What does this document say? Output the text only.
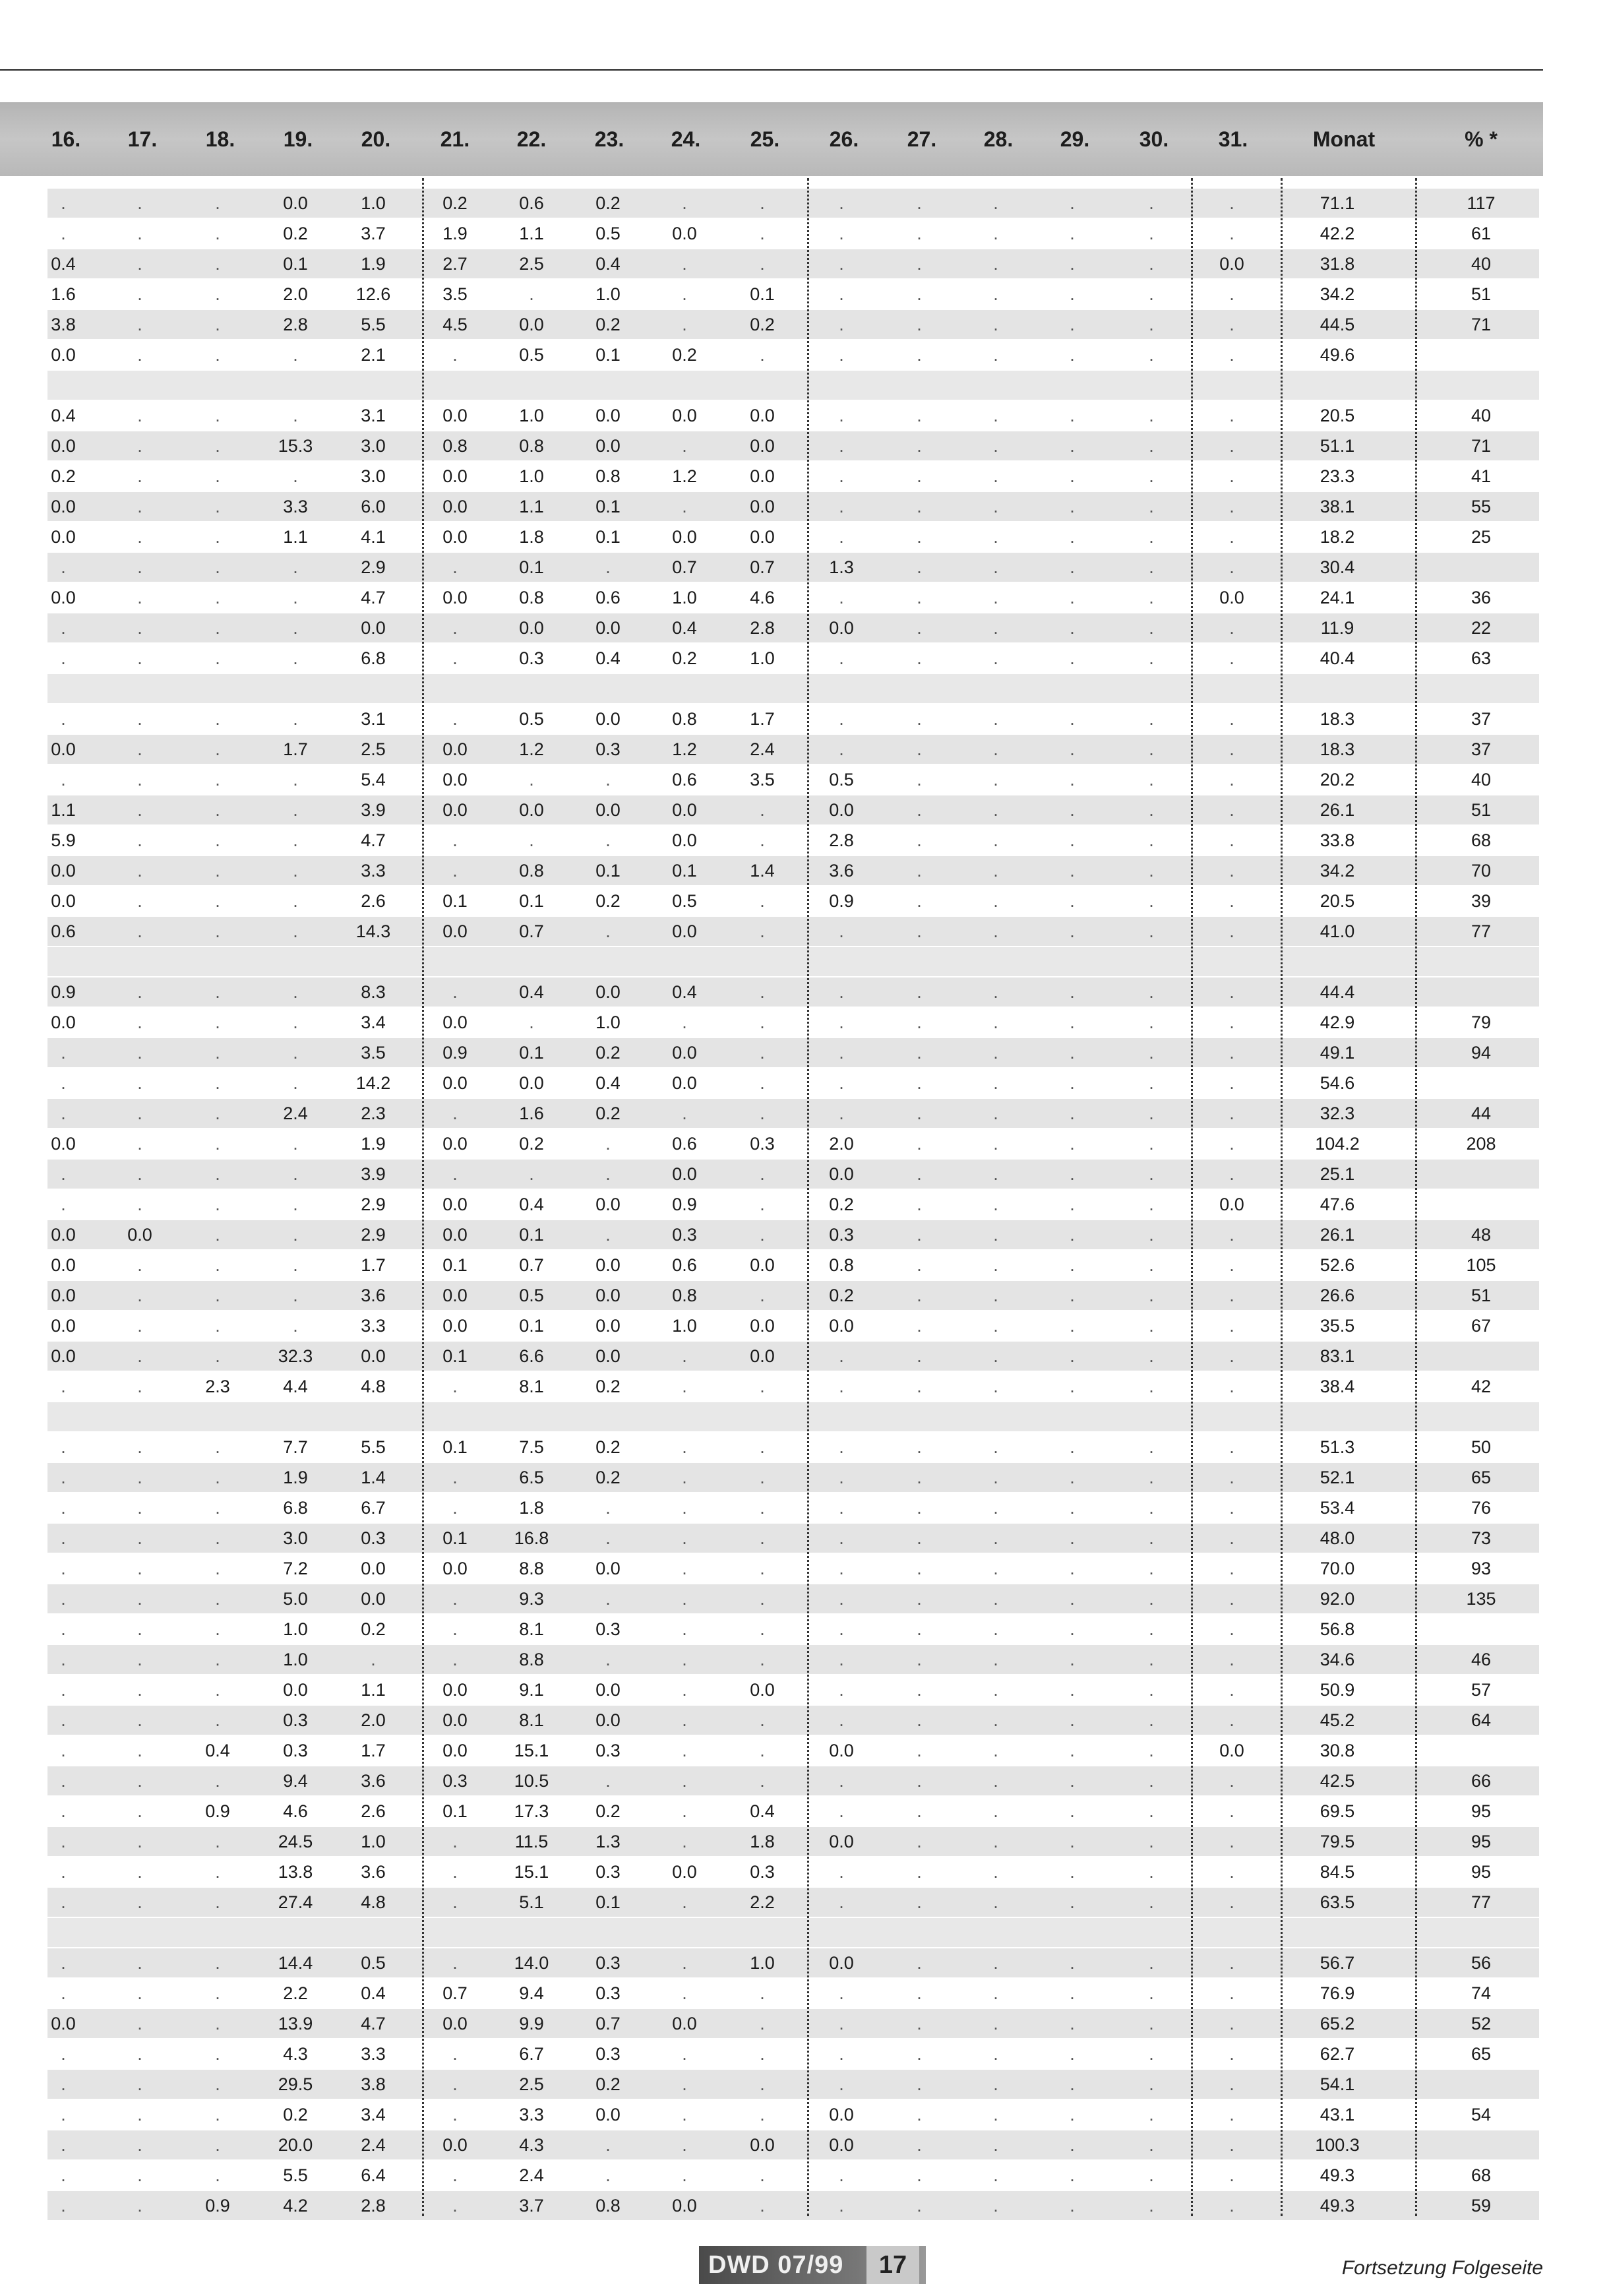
16.	17.	18.	19.	20.	21.	22.	23.	24.	25.	26.	27.	28.	29.	30.	31.	Monat	% *
.	.	.	0.0	1.0	0.2	0.6	0.2	.	.	.	.	.	.	.	.	71.1	117
.	.	.	0.2	3.7	1.9	1.1	0.5	0.0	.	.	.	.	.	.	.	42.2	61
0.4	.	.	0.1	1.9	2.7	2.5	0.4	.	.	.	.	.	.	.	0.0	31.8	40
1.6	.	.	2.0	12.6	3.5	.	1.0	.	0.1	.	.	.	.	.	.	34.2	51
3.8	.	.	2.8	5.5	4.5	0.0	0.2	.	0.2	.	.	.	.	.	.	44.5	71
0.0	.	.	.	2.1	.	0.5	0.1	0.2	.	.	.	.	.	.	.	49.6
0.4	.	.	.	3.1	0.0	1.0	0.0	0.0	0.0	.	.	.	.	.	.	20.5	40
0.0	.	.	15.3	3.0	0.8	0.8	0.0	.	0.0	.	.	.	.	.	.	51.1	71
0.2	.	.	.	3.0	0.0	1.0	0.8	1.2	0.0	.	.	.	.	.	.	23.3	41
0.0	.	.	3.3	6.0	0.0	1.1	0.1	.	0.0	.	.	.	.	.	.	38.1	55
0.0	.	.	1.1	4.1	0.0	1.8	0.1	0.0	0.0	.	.	.	.	.	.	18.2	25
.	.	.	.	2.9	.	0.1	.	0.7	0.7	1.3	.	.	.	.	.	30.4
0.0	.	.	.	4.7	0.0	0.8	0.6	1.0	4.6	.	.	.	.	.	0.0	24.1	36
.	.	.	.	0.0	.	0.0	0.0	0.4	2.8	0.0	.	.	.	.	.	11.9	22
.	.	.	.	6.8	.	0.3	0.4	0.2	1.0	.	.	.	.	.	.	40.4	63
.	.	.	.	3.1	.	0.5	0.0	0.8	1.7	.	.	.	.	.	.	18.3	37
0.0	.	.	1.7	2.5	0.0	1.2	0.3	1.2	2.4	.	.	.	.	.	.	18.3	37
.	.	.	.	5.4	0.0	.	.	0.6	3.5	0.5	.	.	.	.	.	20.2	40
1.1	.	.	.	3.9	0.0	0.0	0.0	0.0	.	0.0	.	.	.	.	.	26.1	51
5.9	.	.	.	4.7	.	.	.	0.0	.	2.8	.	.	.	.	.	33.8	68
0.0	.	.	.	3.3	.	0.8	0.1	0.1	1.4	3.6	.	.	.	.	.	34.2	70
0.0	.	.	.	2.6	0.1	0.1	0.2	0.5	.	0.9	.	.	.	.	.	20.5	39
0.6	.	.	.	14.3	0.0	0.7	.	0.0	.	.	.	.	.	.	.	41.0	77
0.9	.	.	.	8.3	.	0.4	0.0	0.4	.	.	.	.	.	.	.	44.4
0.0	.	.	.	3.4	0.0	.	1.0	.	.	.	.	.	.	.	.	42.9	79
.	.	.	.	3.5	0.9	0.1	0.2	0.0	.	.	.	.	.	.	.	49.1	94
.	.	.	.	14.2	0.0	0.0	0.4	0.0	.	.	.	.	.	.	.	54.6
.	.	.	2.4	2.3	.	1.6	0.2	.	.	.	.	.	.	.	.	32.3	44
0.0	.	.	.	1.9	0.0	0.2	.	0.6	0.3	2.0	.	.	.	.	.	104.2	208
.	.	.	.	3.9	.	.	.	0.0	.	0.0	.	.	.	.	.	25.1
.	.	.	.	2.9	0.0	0.4	0.0	0.9	.	0.2	.	.	.	.	0.0	47.6
0.0	0.0	.	.	2.9	0.0	0.1	.	0.3	.	0.3	.	.	.	.	.	26.1	48
0.0	.	.	.	1.7	0.1	0.7	0.0	0.6	0.0	0.8	.	.	.	.	.	52.6	105
0.0	.	.	.	3.6	0.0	0.5	0.0	0.8	.	0.2	.	.	.	.	.	26.6	51
0.0	.	.	.	3.3	0.0	0.1	0.0	1.0	0.0	0.0	.	.	.	.	.	35.5	67
0.0	.	.	32.3	0.0	0.1	6.6	0.0	.	0.0	.	.	.	.	.	.	83.1
.	.	2.3	4.4	4.8	.	8.1	0.2	.	.	.	.	.	.	.	.	38.4	42
.	.	.	7.7	5.5	0.1	7.5	0.2	.	.	.	.	.	.	.	.	51.3	50
.	.	.	1.9	1.4	.	6.5	0.2	.	.	.	.	.	.	.	.	52.1	65
.	.	.	6.8	6.7	.	1.8	.	.	.	.	.	.	.	.	.	53.4	76
.	.	.	3.0	0.3	0.1	16.8	.	.	.	.	.	.	.	.	.	48.0	73
.	.	.	7.2	0.0	0.0	8.8	0.0	.	.	.	.	.	.	.	.	70.0	93
.	.	.	5.0	0.0	.	9.3	.	.	.	.	.	.	.	.	.	92.0	135
.	.	.	1.0	0.2	.	8.1	0.3	.	.	.	.	.	.	.	.	56.8
.	.	.	1.0	.	.	8.8	.	.	.	.	.	.	.	.	.	34.6	46
.	.	.	0.0	1.1	0.0	9.1	0.0	.	0.0	.	.	.	.	.	.	50.9	57
.	.	.	0.3	2.0	0.0	8.1	0.0	.	.	.	.	.	.	.	.	45.2	64
.	.	0.4	0.3	1.7	0.0	15.1	0.3	.	.	0.0	.	.	.	.	0.0	30.8
.	.	.	9.4	3.6	0.3	10.5	.	.	.	.	.	.	.	.	.	42.5	66
.	.	0.9	4.6	2.6	0.1	17.3	0.2	.	0.4	.	.	.	.	.	.	69.5	95
.	.	.	24.5	1.0	.	11.5	1.3	.	1.8	0.0	.	.	.	.	.	79.5	95
.	.	.	13.8	3.6	.	15.1	0.3	0.0	0.3	.	.	.	.	.	.	84.5	95
.	.	.	27.4	4.8	.	5.1	0.1	.	2.2	.	.	.	.	.	.	63.5	77
.	.	.	14.4	0.5	.	14.0	0.3	.	1.0	0.0	.	.	.	.	.	56.7	56
.	.	.	2.2	0.4	0.7	9.4	0.3	.	.	.	.	.	.	.	.	76.9	74
0.0	.	.	13.9	4.7	0.0	9.9	0.7	0.0	.	.	.	.	.	.	.	65.2	52
.	.	.	4.3	3.3	.	6.7	0.3	.	.	.	.	.	.	.	.	62.7	65
.	.	.	29.5	3.8	.	2.5	0.2	.	.	.	.	.	.	.	.	54.1
.	.	.	0.2	3.4	.	3.3	0.0	.	.	0.0	.	.	.	.	.	43.1	54
.	.	.	20.0	2.4	0.0	4.3	.	.	0.0	0.0	.	.	.	.	.	100.3
.	.	.	5.5	6.4	.	2.4	.	.	.	.	.	.	.	.	.	49.3	68
.	.	0.9	4.2	2.8	.	3.7	0.8	0.0	.	.	.	.	.	.	.	49.3	59
DWD 07/99	17	Fortsetzung Folgeseite
